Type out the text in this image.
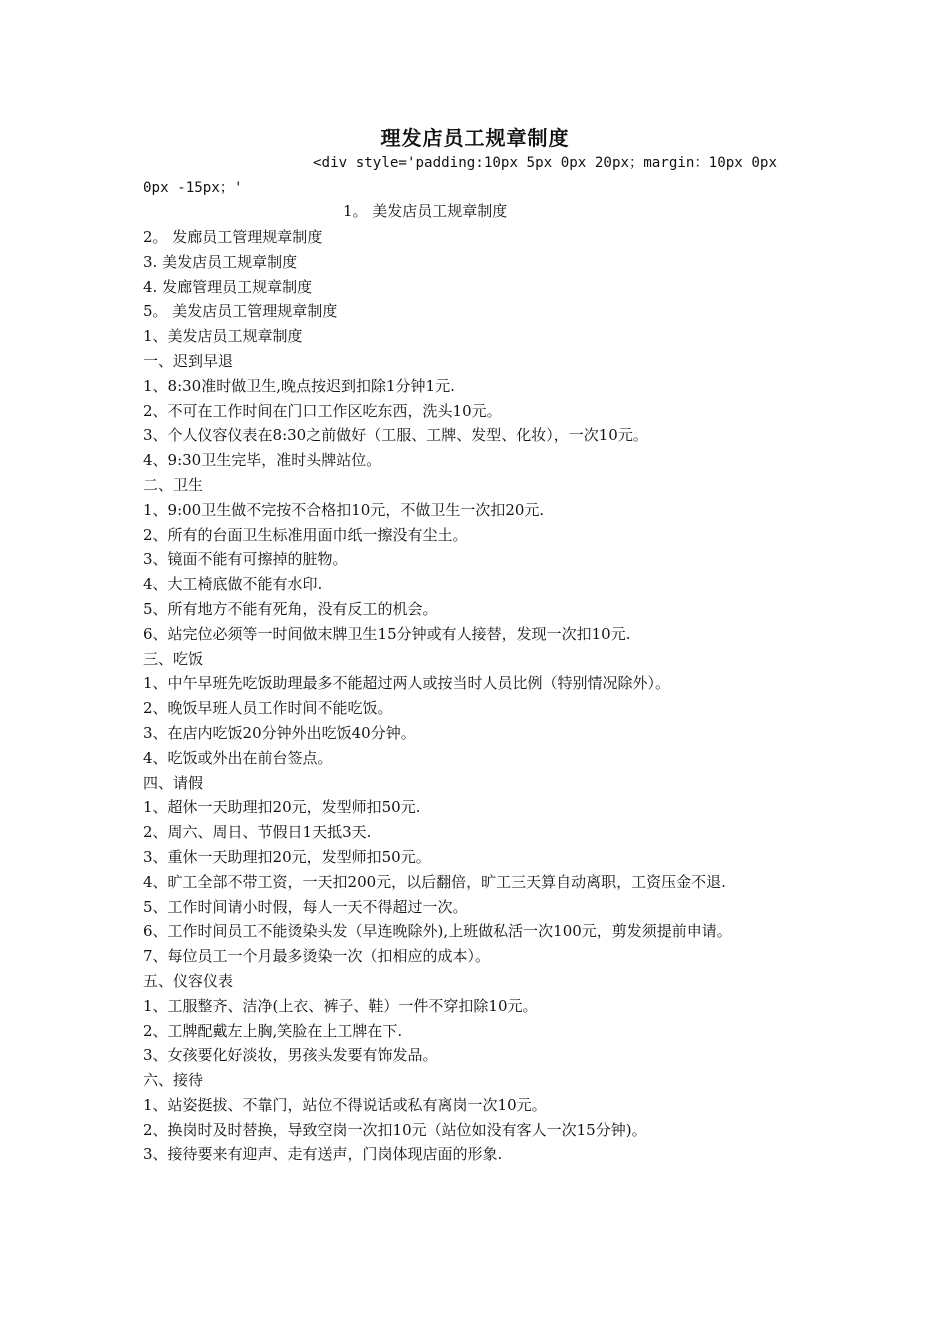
理发店员工规章制度
<div style='padding:10px 5px 0px 20px；margin：10px 0px
0px -15px；'
1。 美发店员工规章制度
2。 发廊员工管理规章制度
3. 美发店员工规章制度
4. 发廊管理员工规章制度
5。 美发店员工管理规章制度
1、美发店员工规章制度
一、迟到早退
1、8:30准时做卫生,晚点按迟到扣除1分钟1元.
2、不可在工作时间在门口工作区吃东西，洗头10元。
3、个人仪容仪表在8:30之前做好（工服、工牌、发型、化妆），一次10元。
4、9:30卫生完毕，准时头牌站位。
二、卫生
1、9:00卫生做不完按不合格扣10元，不做卫生一次扣20元.
2、所有的台面卫生标准用面巾纸一擦没有尘土。
3、镜面不能有可擦掉的脏物。
4、大工椅底做不能有水印.
5、所有地方不能有死角，没有反工的机会。
6、站完位必须等一时间做末牌卫生15分钟或有人接替，发现一次扣10元.
三、吃饭
1、中午早班先吃饭助理最多不能超过两人或按当时人员比例（特别情况除外）。
2、晚饭早班人员工作时间不能吃饭。
3、在店内吃饭20分钟外出吃饭40分钟。
4、吃饭或外出在前台签点。
四、请假
1、超休一天助理扣20元，发型师扣50元.
2、周六、周日、节假日1天抵3天.
3、重休一天助理扣20元，发型师扣50元。
4、旷工全部不带工资，一天扣200元，以后翻倍，旷工三天算自动离职，工资压金不退.
5、工作时间请小时假，每人一天不得超过一次。
6、工作时间员工不能烫染头发（早连晚除外),上班做私活一次100元，剪发须提前申请。
7、每位员工一个月最多烫染一次（扣相应的成本）。
五、仪容仪表
1、工服整齐、洁净(上衣、裤子、鞋）一件不穿扣除10元。
2、工牌配戴左上胸,笑脸在上工牌在下.
3、女孩要化好淡妆，男孩头发要有饰发品。
六、接待
1、站姿挺拔、不靠门，站位不得说话或私有离岗一次10元。
2、换岗时及时替换，导致空岗一次扣10元（站位如没有客人一次15分钟)。
3、接待要来有迎声、走有送声，门岗体现店面的形象.
